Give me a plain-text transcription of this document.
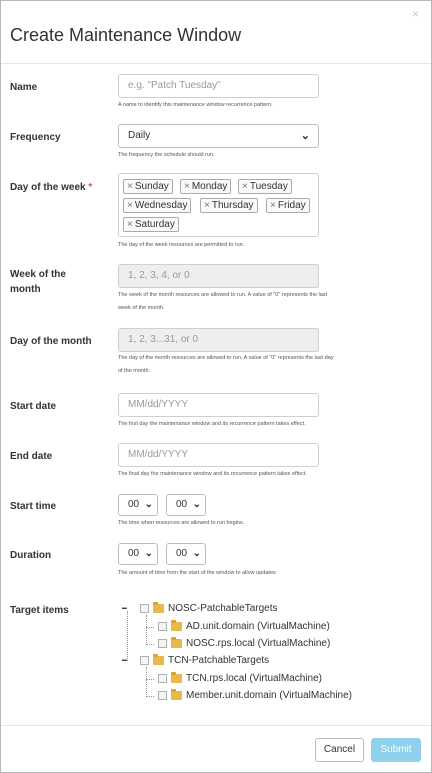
×
Create Maintenance Window
Name	e.g. "Patch Tuesday"
A name to identify this maintenance window recurrence pattern.
Frequency	Daily	⌄
The frequency the schedule should run.
Day of the week *	× Sunday	× Monday	× Tuesday
× Wednesday	× Thursday	× Friday
× Saturday
The day of the week resources are permitted to run.
Week of the
month
1, 2, 3, 4, or 0
The week of the month resources are allowed to run. A value of "0" represents the last
week of the month.
Day of the month	1, 2, 3...31, or 0
The day of the month resources are allowed to run. A value of "0" represents the last day
of the month.
Start date	MM/dd/YYYY
The first day the maintenance window and its recurrence pattern takes effect.
End date	MM/dd/YYYY
The final day the maintenance window and its recurrence pattern takes effect.
Start time	00 ⌄	00 ⌄
The time when resources are allowed to run begins.
Duration	00 ⌄	00 ⌄
The amount of time from the start of the window to allow updates
Target items	━	NOSC-PatchableTargets
AD.unit.domain (VirtualMachine)
NOSC.rps.local (VirtualMachine)
━	TCN-PatchableTargets
TCN.rps.local (VirtualMachine)
Member.unit.domain (VirtualMachine)
Cancel	Submit
